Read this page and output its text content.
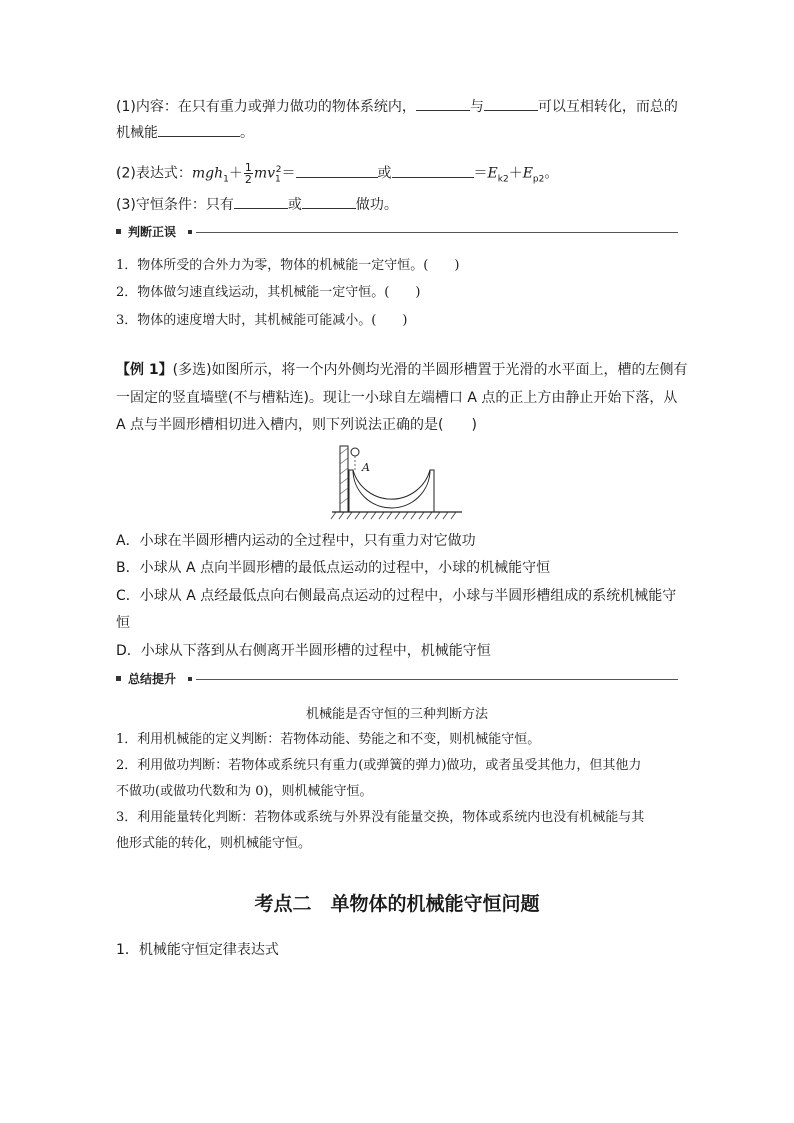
(1)内容：在只有重力或弹力做功的物体系统内，	与	可以互相转化，而总的
机械能	。
(2)表达式：$mgh_1+ \frac{1}{2} mv_1^2=$	或	$=E_{k2}+E_{p2}$。
(3)守恒条件：只有	或	做功。
判断正误
1．物体所受的合外力为零，物体的机械能一定守恒。(　　)
2．物体做匀速直线运动，其机械能一定守恒。(　　)
3．物体的速度增大时，其机械能可能减小。(　　)
【例 1】(多选)如图所示，将一个内外侧均光滑的半圆形槽置于光滑的水平面上，槽的左侧有
一固定的竖直墙壁(不与槽粘连)。现让一小球自左端槽口 A 点的正上方由静止开始下落，从
A 点与半圆形槽相切进入槽内，则下列说法正确的是(　　)
A
A．小球在半圆形槽内运动的全过程中，只有重力对它做功
B．小球从 A 点向半圆形槽的最低点运动的过程中，小球的机械能守恒
C．小球从 A 点经最低点向右侧最高点运动的过程中，小球与半圆形槽组成的系统机械能守
恒
D．小球从下落到从右侧离开半圆形槽的过程中，机械能守恒
总结提升
机械能是否守恒的三种判断方法
1．利用机械能的定义判断：若物体动能、势能之和不变，则机械能守恒。
2．利用做功判断：若物体或系统只有重力(或弹簧的弹力)做功，或者虽受其他力，但其他力
不做功(或做功代数和为 0)，则机械能守恒。
3．利用能量转化判断：若物体或系统与外界没有能量交换，物体或系统内也没有机械能与其
他形式能的转化，则机械能守恒。
考点二　单物体的机械能守恒问题
1．机械能守恒定律表达式
